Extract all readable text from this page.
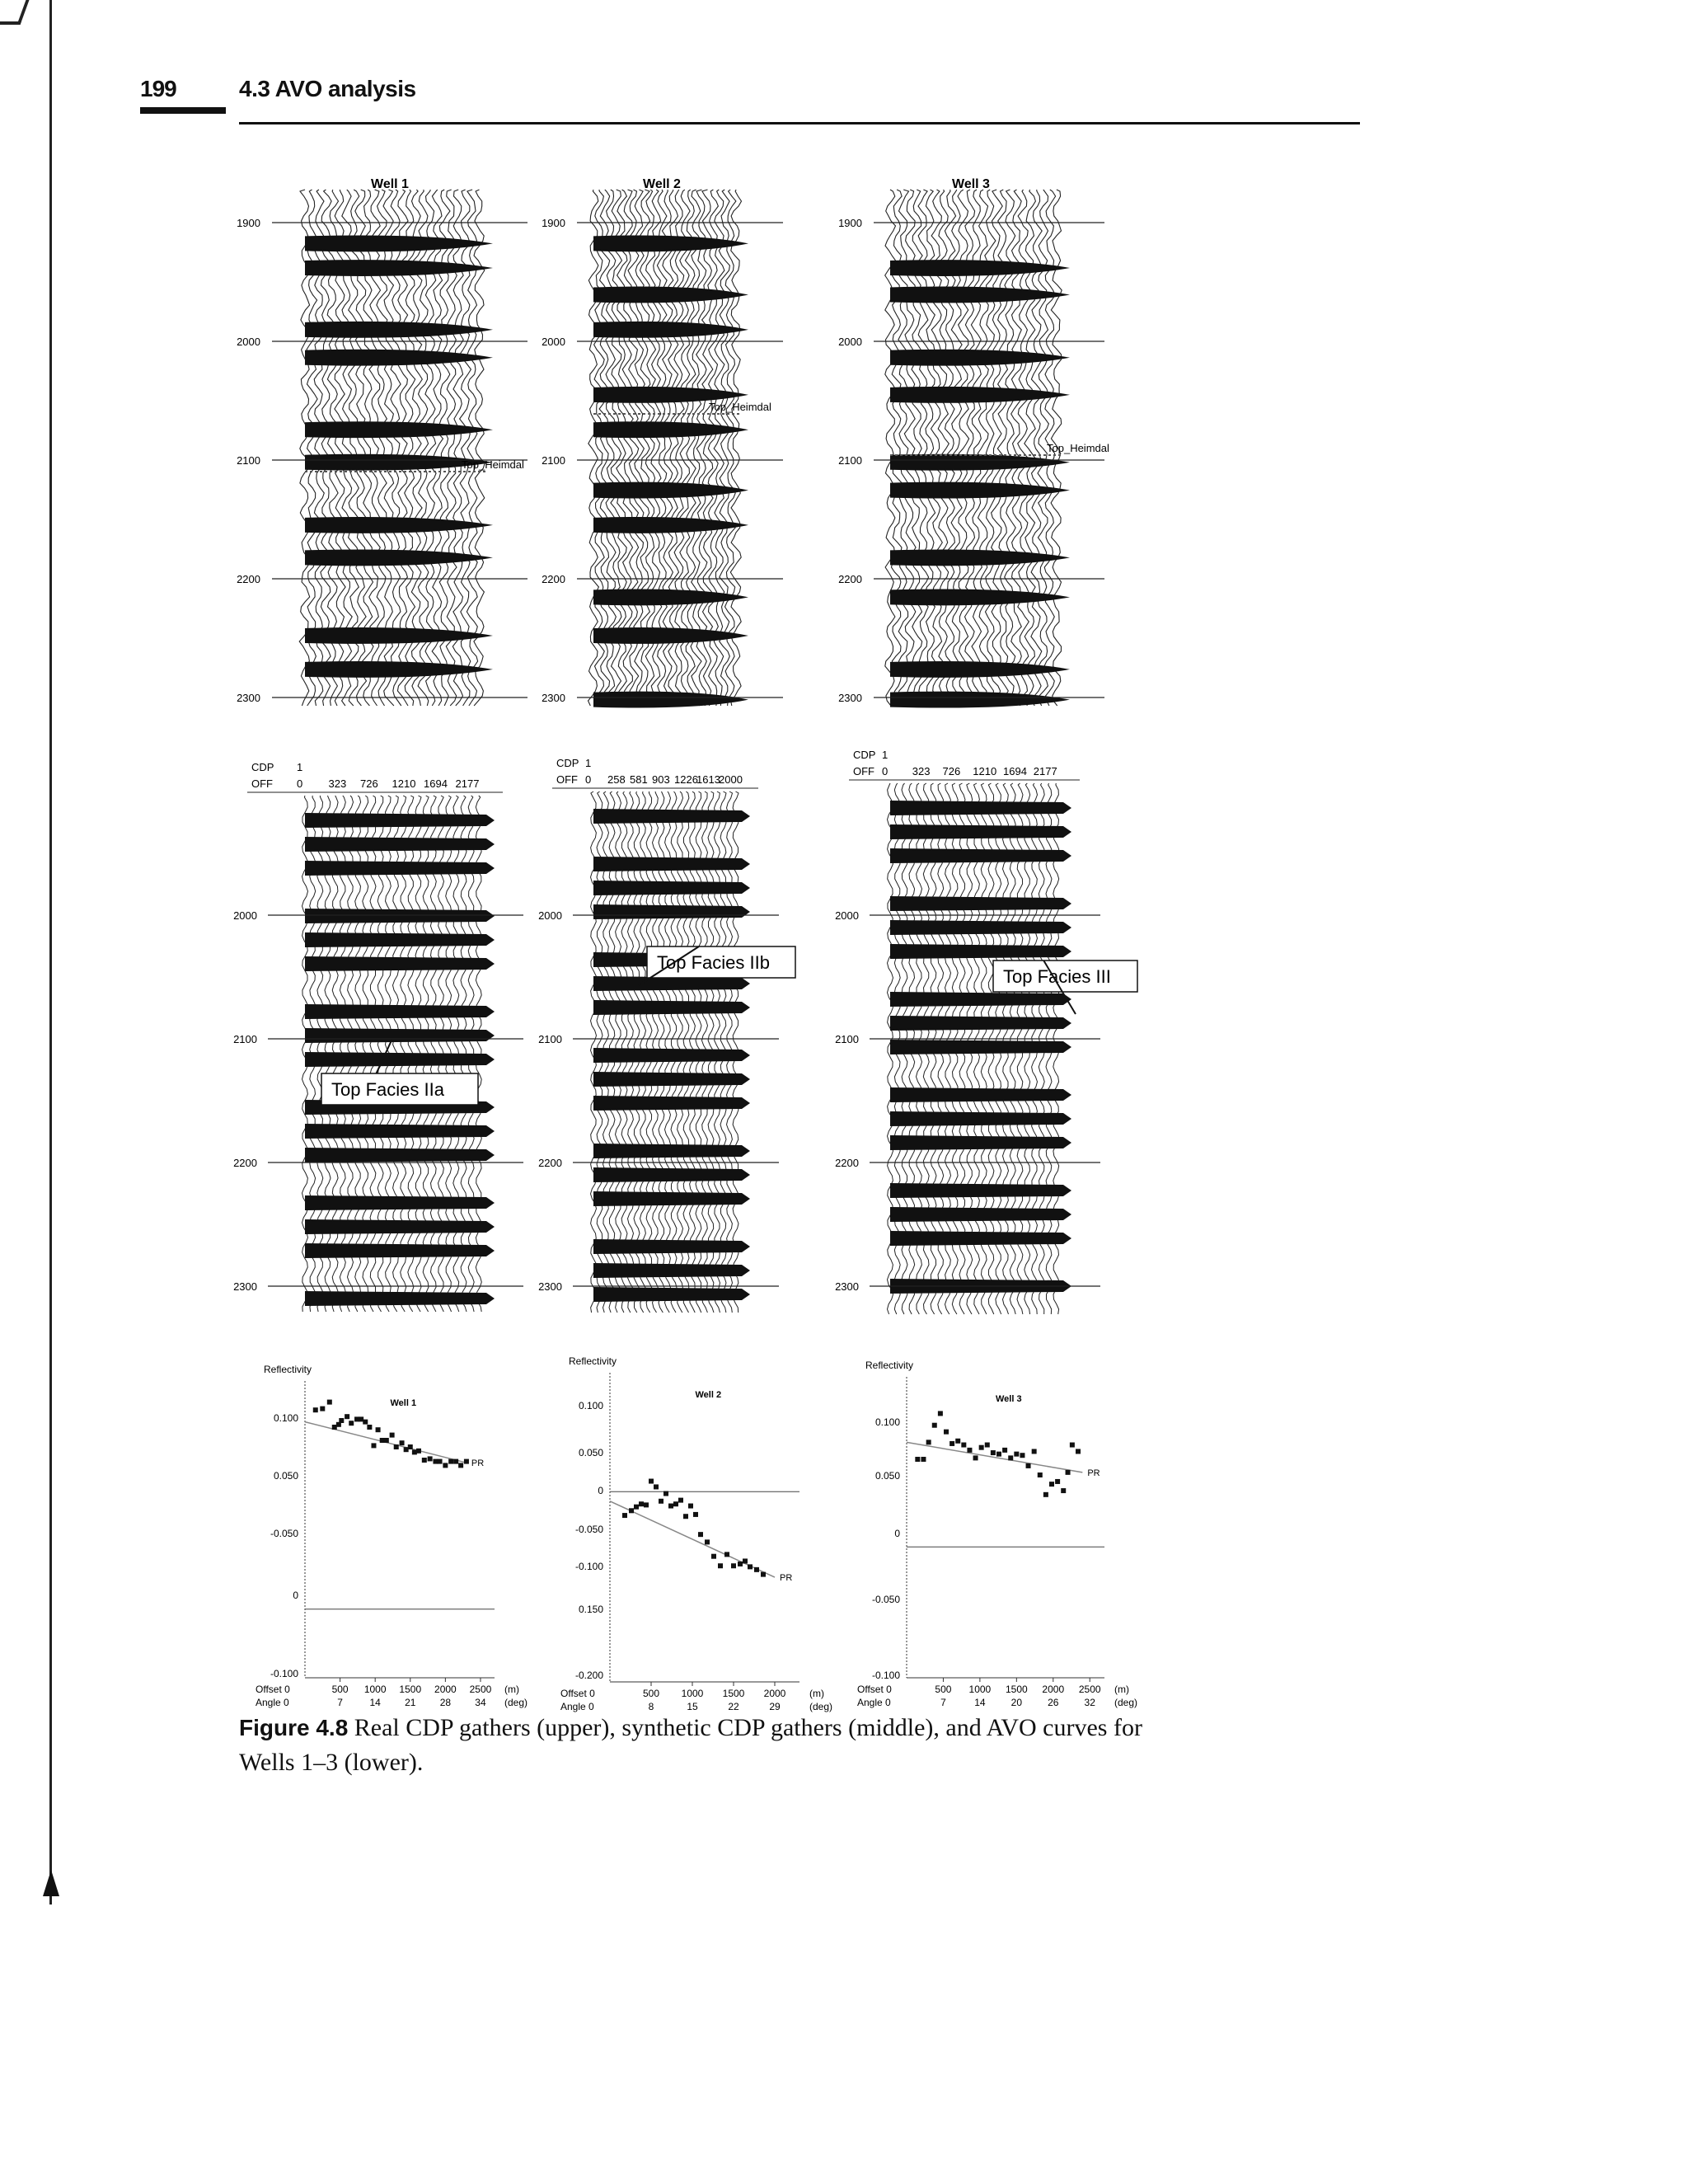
199	4.3 AVO analysis
Well 1
1900
2000
2100
2200
2300
Top_Heimdal
Well 2
1900
2000
2100
2200
2300
Top_Heimdal
Well 3
1900
2000
2100
2200
2300
Top_Heimdal
CDP
OFF
1
0 323 726 1210 1694 2177
2000
2100
2200
2300
Top Facies IIa
CDP
OFF
1
0 258 581 903 1226
1613
2000
2000
2100
2200
2300
Top Facies IIb
CDP
OFF
1
0 323 726 1210 1694 2177
2000
2100
2200
2300
Top Facies III
Reflectivity
0.100
0.050
-0.050
0
-0.100
Well 1
PR
Offset 0
Angle 0
500
7
1000
14
1500
21
2000
28
2500
34
(m)
(deg)
Reflectivity
0.100
0.050
0
-0.050
-0.100
0.150
-0.200
Well 2
PR
Offset 0
Angle 0
500
8
1000
15
1500
22
2000
29
(m)
(deg)
Reflectivity
0.100
0.050
0
-0.050
-0.100
Well 3
PR
Offset 0
Angle 0
500
7
1000
14
1500
20
2000
26
2500
32
(m)
(deg)
Figure 4.8 Real CDP gathers (upper), synthetic CDP gathers (middle), and AVO curves for Wells 1–3 (lower).
